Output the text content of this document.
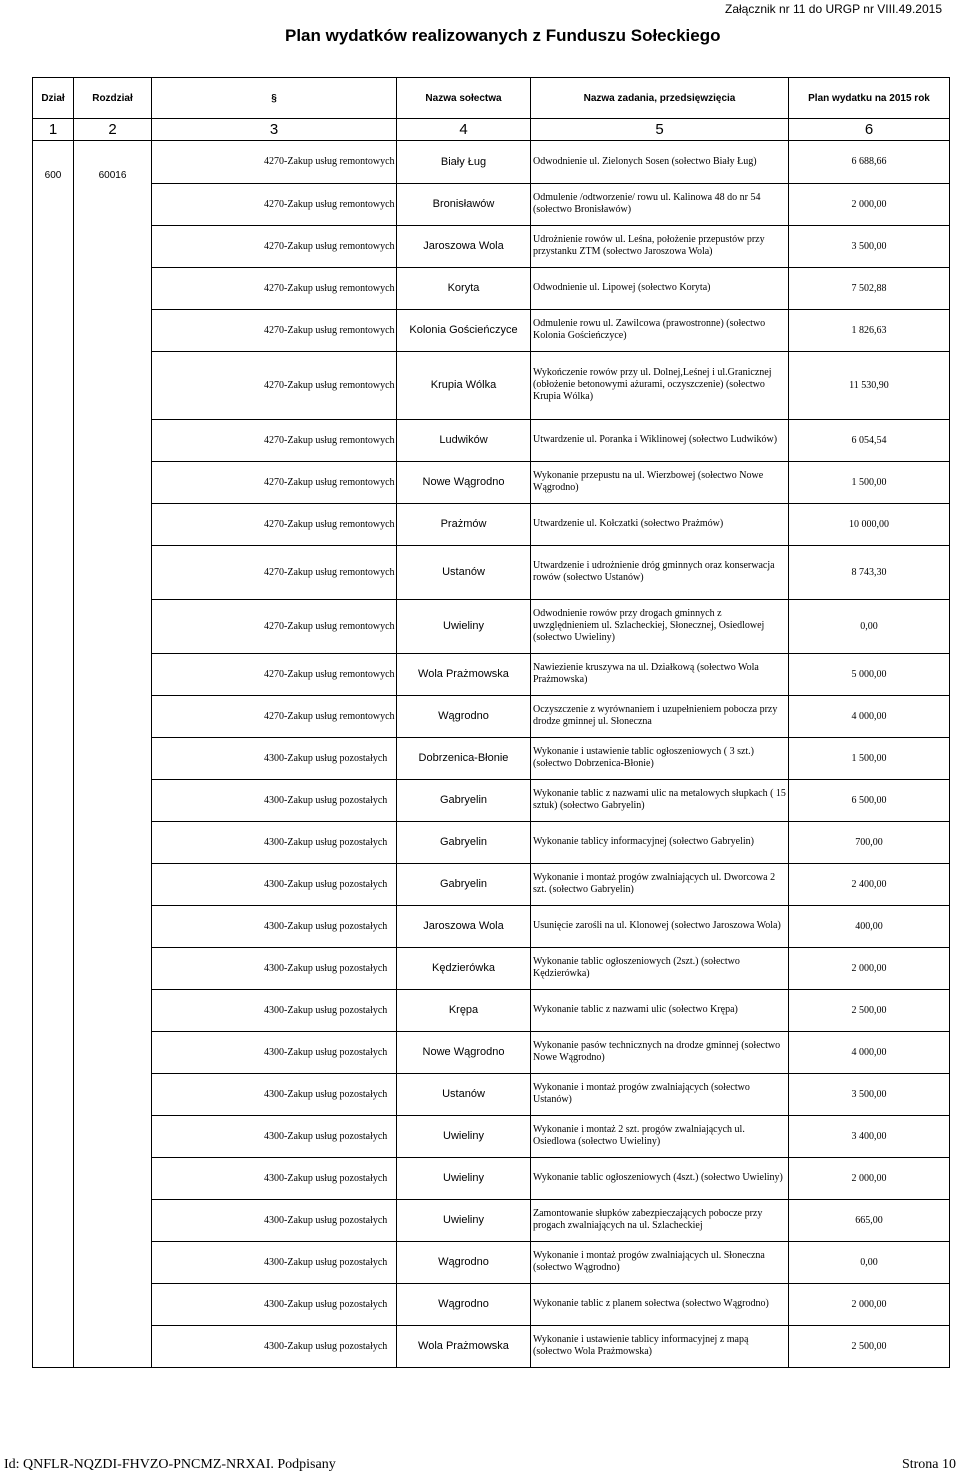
Załącznik nr 11 do URGP nr VIII.49.2015
Plan wydatków realizowanych z Funduszu Sołeckiego
Dział	Rozdział	§	Nazwa sołectwa	Nazwa zadania, przedsięwzięcia	Plan wydatku na 2015 rok
1	2	3	4	5	6
600	60016	4270-Zakup usług remontowych	Biały Ług	Odwodnienie ul. Zielonych Sosen (sołectwo Biały Ług)	6 688,66
		4270-Zakup usług remontowych	Bronisławów	Odmulenie /odtworzenie/ rowu ul. Kalinowa 48 do nr 54 (sołectwo Bronisławów)	2 000,00
		4270-Zakup usług remontowych	Jaroszowa Wola	Udrożnienie rowów ul. Leśna, położenie przepustów przy przystanku ZTM (sołectwo Jaroszowa Wola)	3 500,00
		4270-Zakup usług remontowych	Koryta	Odwodnienie ul. Lipowej (sołectwo Koryta)	7 502,88
		4270-Zakup usług remontowych	Kolonia Gościeńczyce	Odmulenie rowu ul. Zawilcowa (prawostronne) (sołectwo Kolonia Gościeńczyce)	1 826,63
		4270-Zakup usług remontowych	Krupia Wólka	Wykończenie rowów przy ul. Dolnej,Leśnej i ul.Granicznej (obłożenie betonowymi ażurami, oczyszczenie) (sołectwo Krupia Wólka)	11 530,90
		4270-Zakup usług remontowych	Ludwików	Utwardzenie ul. Poranka i Wiklinowej (sołectwo Ludwików)	6 054,54
		4270-Zakup usług remontowych	Nowe Wągrodno	Wykonanie przepustu na ul. Wierzbowej (sołectwo Nowe Wągrodno)	1 500,00
		4270-Zakup usług remontowych	Prażmów	Utwardzenie ul. Kołczatki (sołectwo Prażmów)	10 000,00
		4270-Zakup usług remontowych	Ustanów	Utwardzenie i udrożnienie dróg gminnych oraz konserwacja rowów (sołectwo Ustanów)	8 743,30
		4270-Zakup usług remontowych	Uwieliny	Odwodnienie rowów przy drogach gminnych z uwzględnieniem ul. Szlacheckiej, Słonecznej, Osiedlowej (sołectwo Uwieliny)	0,00
		4270-Zakup usług remontowych	Wola Prażmowska	Nawiezienie kruszywa na ul. Działkową (sołectwo Wola Prażmowska)	5 000,00
		4270-Zakup usług remontowych	Wągrodno	Oczyszczenie z wyrównaniem i uzupełnieniem pobocza przy drodze gminnej ul. Słoneczna	4 000,00
		4300-Zakup usług pozostałych	Dobrzenica-Błonie	Wykonanie i ustawienie tablic ogłoszeniowych ( 3 szt.) (sołectwo Dobrzenica-Błonie)	1 500,00
		4300-Zakup usług pozostałych	Gabryelin	Wykonanie tablic z nazwami ulic na metalowych słupkach ( 15 sztuk) (sołectwo Gabryelin)	6 500,00
		4300-Zakup usług pozostałych	Gabryelin	Wykonanie tablicy informacyjnej (sołectwo Gabryelin)	700,00
		4300-Zakup usług pozostałych	Gabryelin	Wykonanie i montaż progów zwalniających ul. Dworcowa 2 szt. (sołectwo Gabryelin)	2 400,00
		4300-Zakup usług pozostałych	Jaroszowa Wola	Usunięcie zarośli na ul. Klonowej (sołectwo Jaroszowa Wola)	400,00
		4300-Zakup usług pozostałych	Kędzierówka	Wykonanie tablic ogłoszeniowych (2szt.) (sołectwo Kędzierówka)	2 000,00
		4300-Zakup usług pozostałych	Krępa	Wykonanie tablic z nazwami ulic (sołectwo Krępa)	2 500,00
		4300-Zakup usług pozostałych	Nowe Wągrodno	Wykonanie pasów technicznych na drodze gminnej (sołectwo Nowe Wągrodno)	4 000,00
		4300-Zakup usług pozostałych	Ustanów	Wykonanie i montaż progów zwalniających (sołectwo Ustanów)	3 500,00
		4300-Zakup usług pozostałych	Uwieliny	Wykonanie i montaż 2 szt. progów zwalniających ul. Osiedlowa (sołectwo Uwieliny)	3 400,00
		4300-Zakup usług pozostałych	Uwieliny	Wykonanie tablic ogłoszeniowych (4szt.) (sołectwo Uwieliny)	2 000,00
		4300-Zakup usług pozostałych	Uwieliny	Zamontowanie słupków zabezpieczających pobocze przy progach zwalniających na ul. Szlacheckiej	665,00
		4300-Zakup usług pozostałych	Wągrodno	Wykonanie i montaż progów zwalniających ul. Słoneczna (sołectwo Wągrodno)	0,00
		4300-Zakup usług pozostałych	Wągrodno	Wykonanie tablic z planem sołectwa (sołectwo Wągrodno)	2 000,00
		4300-Zakup usług pozostałych	Wola Prażmowska	Wykonanie i ustawienie tablicy informacyjnej z mapą (sołectwo Wola Prażmowska)	2 500,00
Id: QNFLR-NQZDI-FHVZO-PNCMZ-NRXAI. Podpisany	Strona 10
